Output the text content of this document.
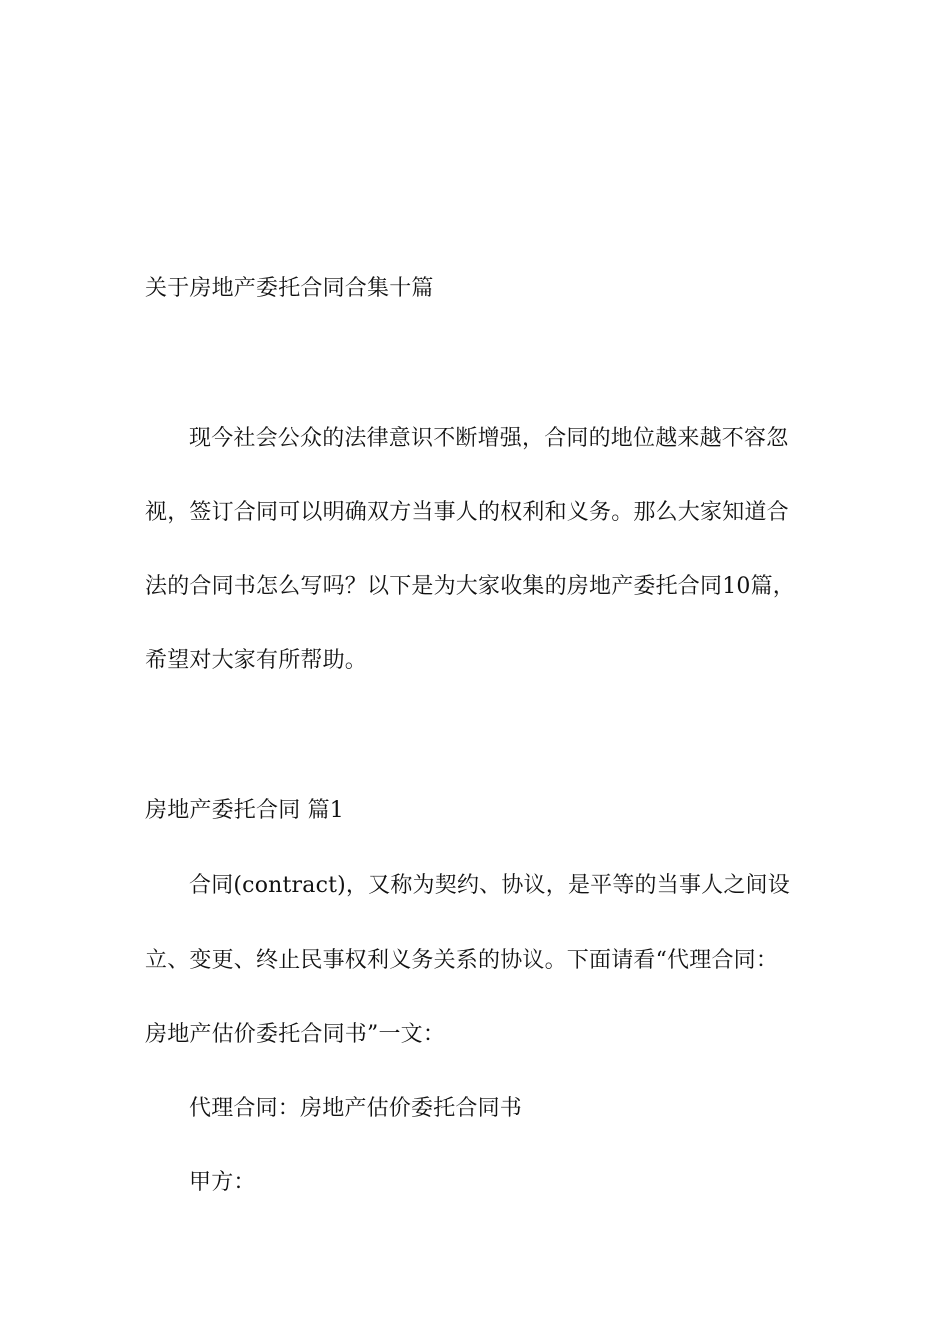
关于房地产委托合同合集十篇
现今社会公众的法律意识不断增强，合同的地位越来越不容忽
视，签订合同可以明确双方当事人的权利和义务。那么大家知道合
法的合同书怎么写吗？以下是为大家收集的房地产委托合同10篇，
希望对大家有所帮助。
房地产委托合同 篇1
合同(contract)，又称为契约、协议，是平等的当事人之间设
立、变更、终止民事权利义务关系的协议。下面请看“代理合同：
房地产估价委托合同书”一文：
代理合同：房地产估价委托合同书
甲方：
